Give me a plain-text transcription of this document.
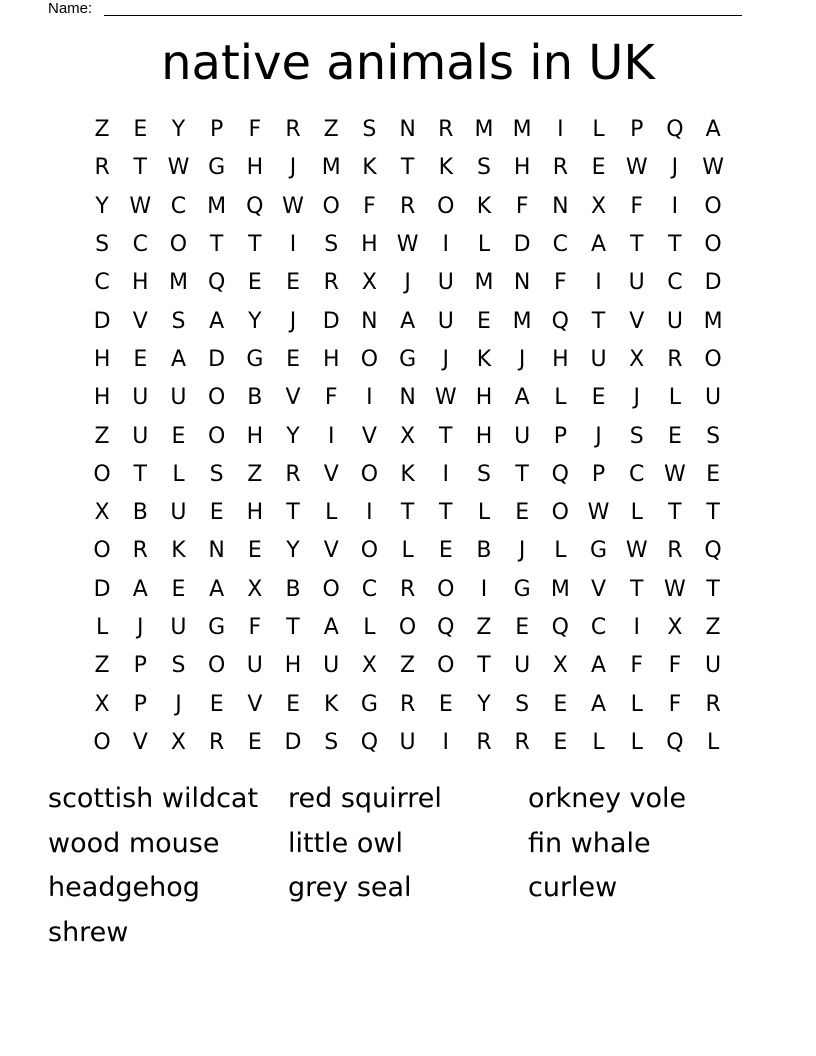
Name:
native animals in UK
Z	E	Y	P	F	R	Z	S	N	R M M	I	L	P	Q	A
R	T W G H	J	M K	T	K	S	H	R	E W	J	W
Y W C M Q W O	F	R O	K	F	N	X	F	I	O
S	C O	T	T	I	S	H W	I	L	D	C	A	T	T	O
C	H M Q	E	E	R	X	J	U M N	F	I	U	C	D
D	V	S	A	Y	J	D N	A	U	E M Q	T	V	U M
H	E	A	D G	E	H O G	J	K	J	H U	X	R O
H U	U O B	V	F	I	N W H	A	L	E	J	L	U
Z	U	E	O H	Y	I	V	X	T	H U	P	J	S	E	S
O	T	L	S	Z	R	V O	K	I	S	T	Q	P	C W E
X	B	U	E	H	T	L	I	T	T	L	E	O W L	T	T
O R	K	N	E	Y	V O	L	E	B	J	L	G W R Q
D	A	E	A	X	B O C	R O	I	G M V	T W T
L	J	U G	F	T	A	L	O Q Z	E	Q C	I	X	Z
Z	P	S	O U H U	X	Z O	T	U	X	A	F	F	U
X	P	J	E	V	E	K	G	R	E	Y	S	E	A	L	F	R
O	V	X	R	E	D	S	Q U	I	R	R	E	L	L	Q	L
scottish wildcat	red squirrel	orkney vole
wood mouse	little owl	fin whale
headgehog	grey seal	curlew
shrew
